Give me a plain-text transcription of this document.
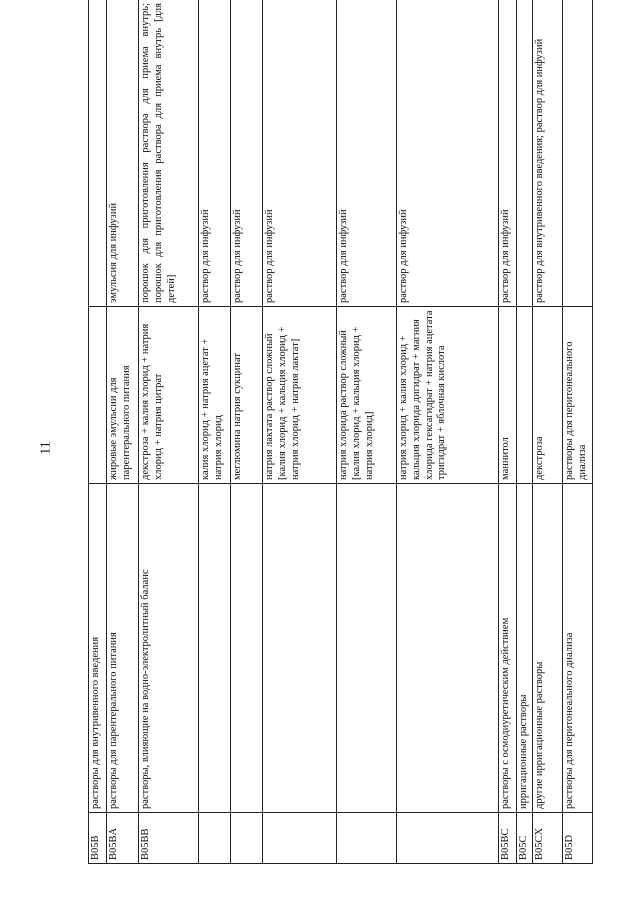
11
B05B	растворы для внутривенного введения		
B05BA	растворы для парентерального питания	жировые эмульсии для парентерального питания	эмульсия для инфузий
B05BB	растворы, влияющие на водно-электролитный баланс	декстроза + калия хлорид + натрия хлорид + натрия цитрат	порошок для приготовления раствора для приема внутрь; порошок для приготовления раствора для приема внутрь [для детей]
		калия хлорид + натрия ацетат + натрия хлорид	раствор для инфузий
		меглюмина натрия сукцинат	раствор для инфузий
		натрия лактата раствор сложный [калия хлорид + кальция хлорид + натрия хлорид + натрия лактат]	раствор для инфузий
		натрия хлорида раствор сложный [калия хлорид + кальция хлорид + натрия хлорид]	раствор для инфузий
		натрия хлорид + калия хлорид + кальция хлорида дигидрат + магния хлорида гексагидрат + натрия ацетата тригидрат + яблочная кислота	раствор для инфузий
B05BC	растворы с осмодиуретическим действием	маннитол	раствор для инфузий
B05C	ирригационные растворы		
B05CX	другие ирригационные растворы	декстроза	раствор для внутривенного введения; раствор для инфузий
B05D	растворы для перитонеального диализа	растворы для перитонеального диализа	
